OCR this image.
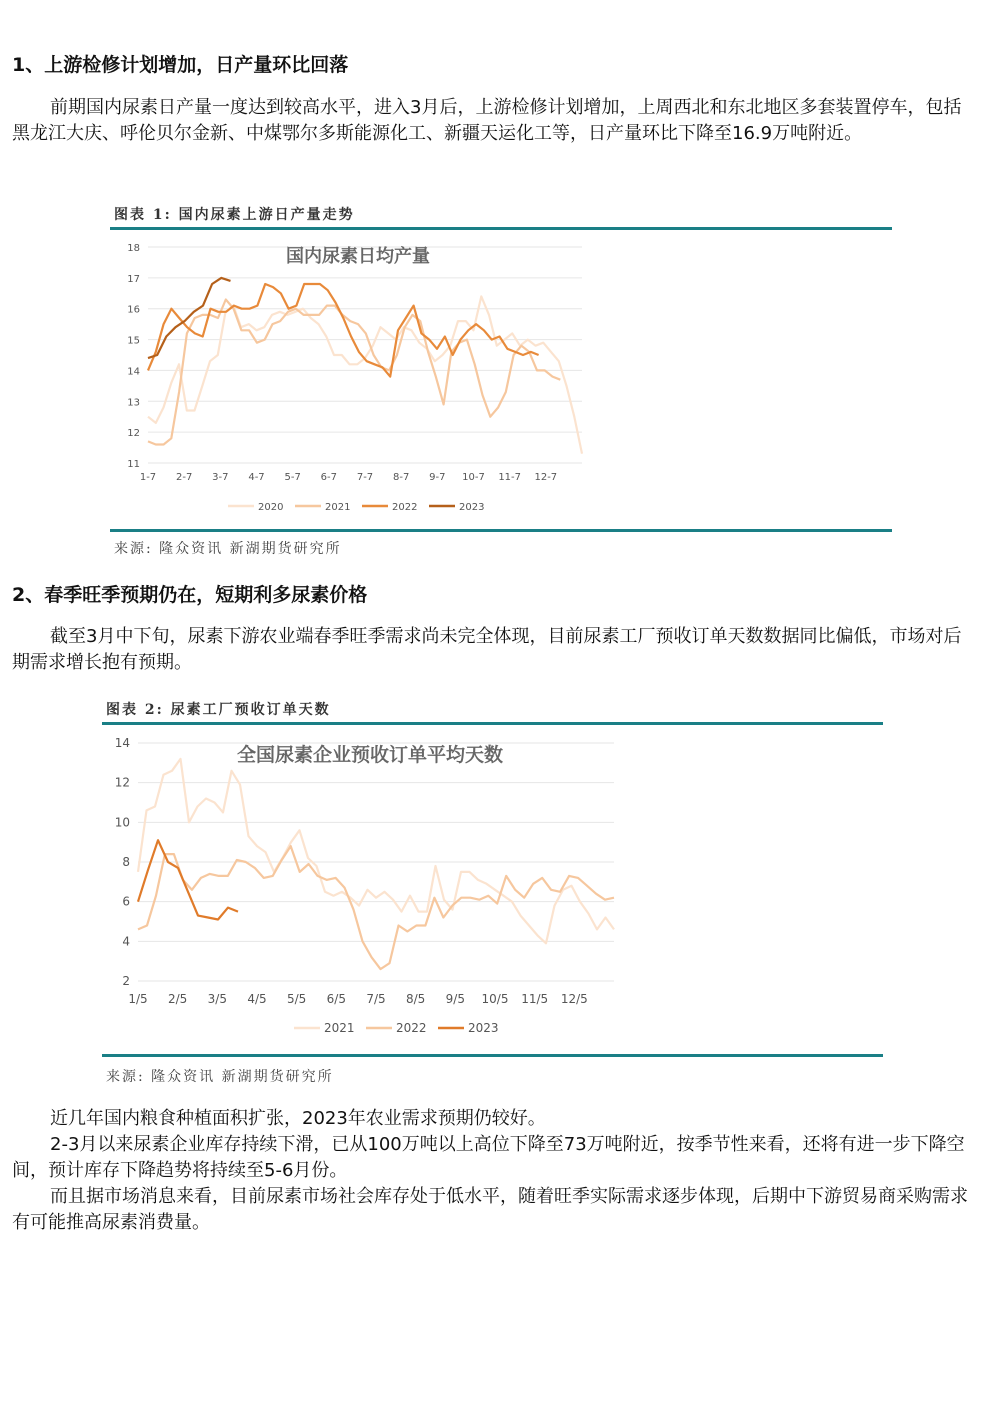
1、上游检修计划增加，日产量环比回落

前期国内尿素日产量一度达到较高水平，进入3月后，上游检修计划增加，上周西北和东北地区多套装置停车，包括黑龙江大庆、呼伦贝尔金新、中煤鄂尔多斯能源化工、新疆天运化工等，日产量环比下降至16.9万吨附近。

图表 1: 国内尿素上游日产量走势
18
17
16
15
14
13
12
11
1-7 2-7 3-7 4-7 5-7 6-7 7-7 8-7 9-7 10-7 11-7 12-7
国内尿素日均产量
2020	2021	2022	2023
来源: 隆众资讯 新湖期货研究所
2、春季旺季预期仍在，短期利多尿素价格

截至3月中下旬，尿素下游农业端春季旺季需求尚未完全体现，目前尿素工厂预收订单天数数据同比偏低，市场对后期需求增长抱有预期。

图表 2: 尿素工厂预收订单天数
14
12
10
8
6
4
2
1/5 2/5 3/5 4/5 5/5 6/5 7/5 8/5 9/5 10/5 11/5 12/5
全国尿素企业预收订单平均天数
2021	2022	2023
来源: 隆众资讯 新湖期货研究所

近几年国内粮食种植面积扩张，2023年农业需求预期仍较好。

2-3月以来尿素企业库存持续下滑，已从100万吨以上高位下降至73万吨附近，按季节性来看，还将有进一步下降空间，预计库存下降趋势将持续至5-6月份。

而且据市场消息来看，目前尿素市场社会库存处于低水平，随着旺季实际需求逐步体现，后期中下游贸易商采购需求有可能推高尿素消费量。
